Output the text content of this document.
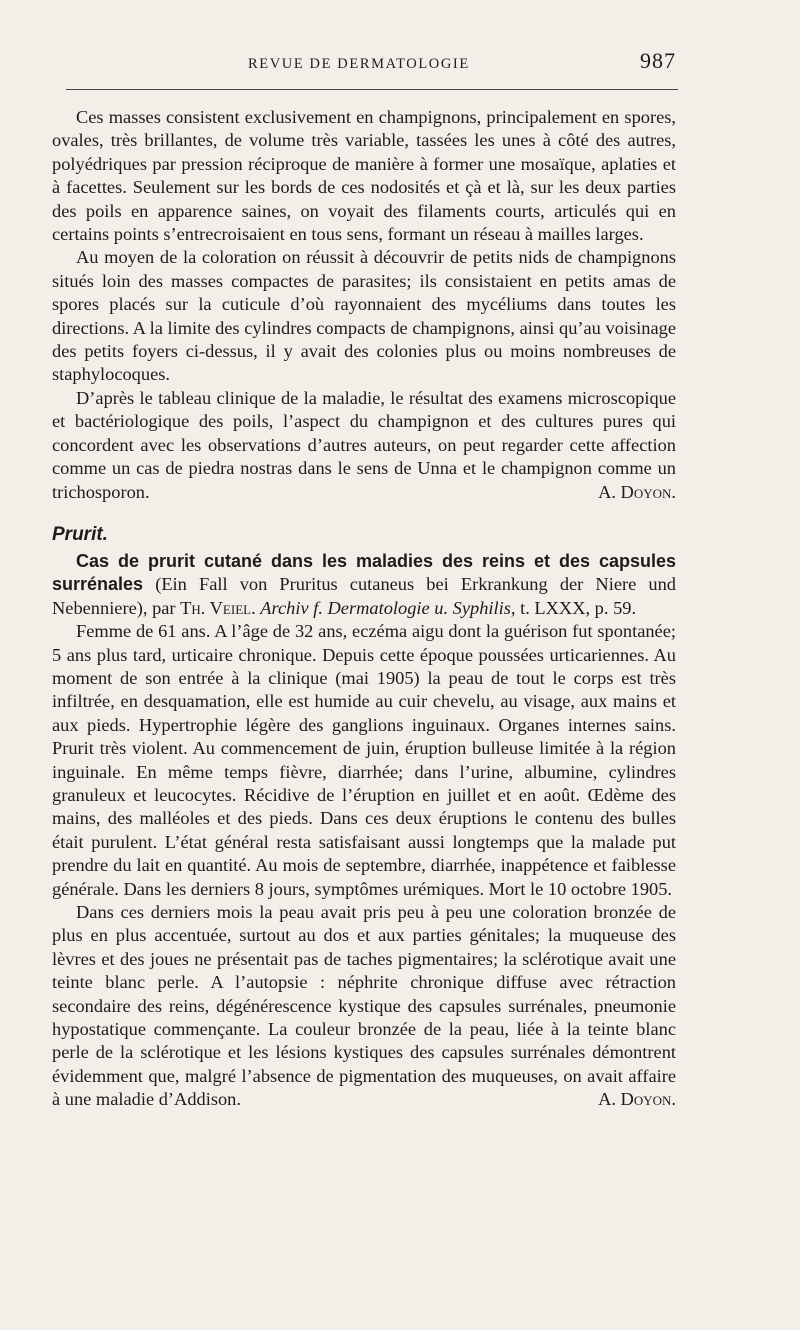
REVUE DE DERMATOLOGIE	987

Ces masses consistent exclusivement en champignons, principalement en spores, ovales, très brillantes, de volume très variable, tassées les unes à côté des autres, polyédriques par pression réciproque de manière à former une mosaïque, aplaties et à facettes. Seulement sur les bords de ces nodosités et çà et là, sur les deux parties des poils en apparence saines, on voyait des filaments courts, articulés qui en certains points s’entrecroisaient en tous sens, formant un réseau à mailles larges.

Au moyen de la coloration on réussit à découvrir de petits nids de champignons situés loin des masses compactes de parasites; ils consistaient en petits amas de spores placés sur la cuticule d’où rayonnaient des mycéliums dans toutes les directions. A la limite des cylindres compacts de champignons, ainsi qu’au voisinage des petits foyers ci-dessus, il y avait des colonies plus ou moins nombreuses de staphylocoques.

D’après le tableau clinique de la maladie, le résultat des examens microscopique et bactériologique des poils, l’aspect du champignon et des cultures pures qui concordent avec les observations d’autres auteurs, on peut regarder cette affection comme un cas de piedra nostras dans le sens de Unna et le champignon comme un trichosporon.	A. Doyon.

Prurit.

Cas de prurit cutané dans les maladies des reins et des capsules surrénales (Ein Fall von Pruritus cutaneus bei Erkrankung der Niere und Nebenniere), par Th. Veiel. Archiv f. Dermatologie u. Syphilis, t. LXXX, p. 59.

Femme de 61 ans. A l’âge de 32 ans, eczéma aigu dont la guérison fut spontanée; 5 ans plus tard, urticaire chronique. Depuis cette époque poussées urticariennes. Au moment de son entrée à la clinique (mai 1905) la peau de tout le corps est très infiltrée, en desquamation, elle est humide au cuir chevelu, au visage, aux mains et aux pieds. Hypertrophie légère des ganglions inguinaux. Organes internes sains. Prurit très violent. Au commencement de juin, éruption bulleuse limitée à la région inguinale. En même temps fièvre, diarrhée; dans l’urine, albumine, cylindres granuleux et leucocytes. Récidive de l’éruption en juillet et en août. Œdème des mains, des malléoles et des pieds. Dans ces deux éruptions le contenu des bulles était purulent. L’état général resta satisfaisant aussi longtemps que la malade put prendre du lait en quantité. Au mois de septembre, diarrhée, inappétence et faiblesse générale. Dans les derniers 8 jours, symptômes urémiques. Mort le 10 octobre 1905.

Dans ces derniers mois la peau avait pris peu à peu une coloration bronzée de plus en plus accentuée, surtout au dos et aux parties génitales; la muqueuse des lèvres et des joues ne présentait pas de taches pigmentaires; la sclérotique avait une teinte blanc perle. A l’autopsie : néphrite chronique diffuse avec rétraction secondaire des reins, dégénérescence kystique des capsules surrénales, pneumonie hypostatique commençante. La couleur bronzée de la peau, liée à la teinte blanc perle de la sclérotique et les lésions kystiques des capsules surrénales démontrent évidemment que, malgré l’absence de pigmentation des muqueuses, on avait affaire à une maladie d’Addison.	A. Doyon.
